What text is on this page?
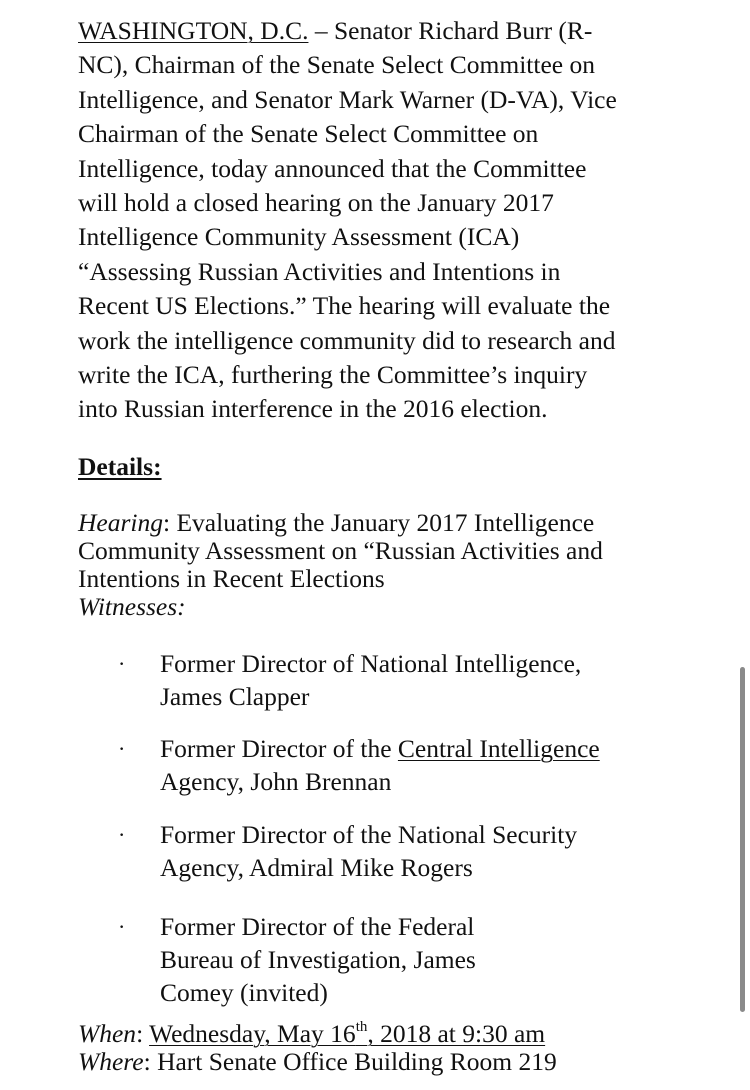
WASHINGTON, D.C. – Senator Richard Burr (R-
NC), Chairman of the Senate Select Committee on
Intelligence, and Senator Mark Warner (D-VA), Vice
Chairman of the Senate Select Committee on
Intelligence, today announced that the Committee
will hold a closed hearing on the January 2017
Intelligence Community Assessment (ICA)
“Assessing Russian Activities and Intentions in
Recent US Elections.” The hearing will evaluate the
work the intelligence community did to research and
write the ICA, furthering the Committee’s inquiry
into Russian interference in the 2016 election.
Details:
Hearing: Evaluating the January 2017 Intelligence
Community Assessment on “Russian Activities and
Intentions in Recent Elections
Witnesses:
· Former Director of National Intelligence,
James Clapper
· Former Director of the Central Intelligence
Agency, John Brennan
· Former Director of the National Security
Agency, Admiral Mike Rogers
· Former Director of the Federal
Bureau of Investigation, James
Comey (invited)
When: Wednesday, May 16th, 2018 at 9:30 am
Where: Hart Senate Office Building Room 219
